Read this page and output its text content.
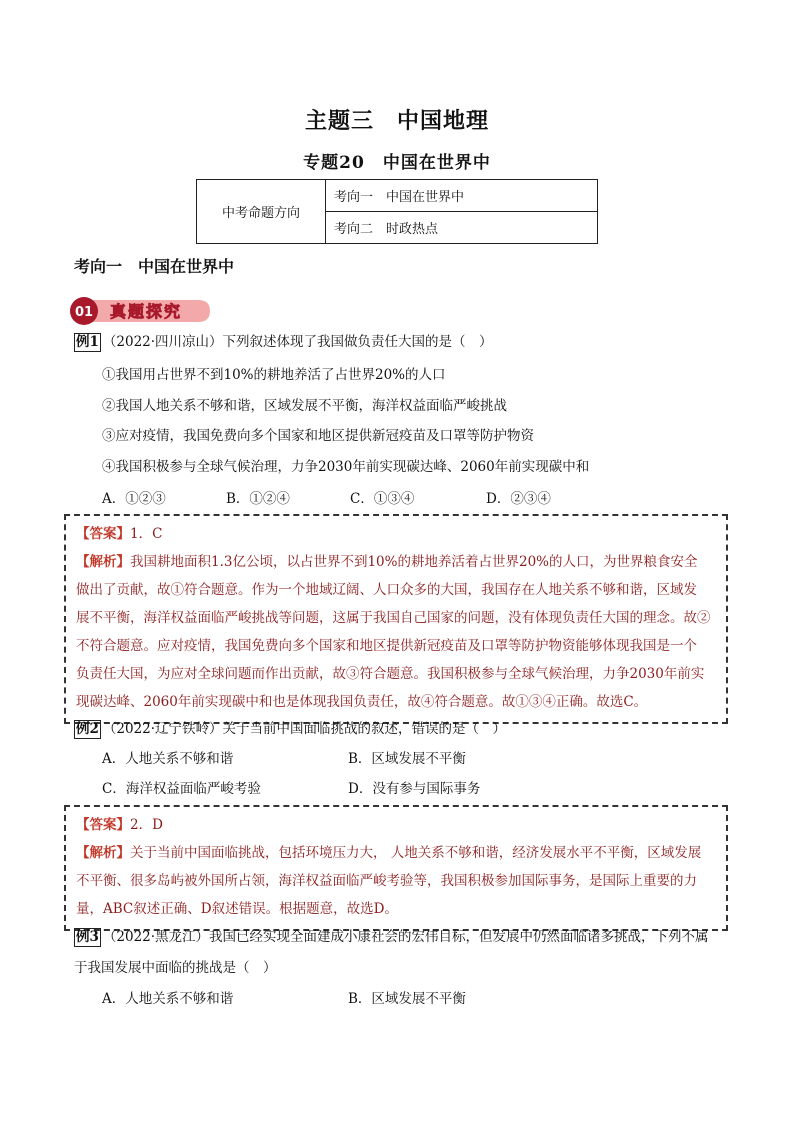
主题三　中国地理
专题20　中国在世界中
中考命题方向	考向一　中国在世界中
考向二　时政热点
考向一　中国在世界中
01 真题探究
例1 （2022·四川凉山）下列叙述体现了我国做负责任大国的是（　）
①我国用占世界不到10%的耕地养活了占世界20%的人口
②我国人地关系不够和谐，区域发展不平衡，海洋权益面临严峻挑战
③应对疫情，我国免费向多个国家和地区提供新冠疫苗及口罩等防护物资
④我国积极参与全球气候治理，力争2030年前实现碳达峰、2060年前实现碳中和
A．①②③	B．①②④	C．①③④	D．②③④

【答案】1．C

【解析】我国耕地面积1.3亿公顷，以占世界不到10%的耕地养活着占世界20%的人口，为世界粮食安全

做出了贡献，故①符合题意。作为一个地域辽阔、人口众多的大国，我国存在人地关系不够和谐，区域发

展不平衡，海洋权益面临严峻挑战等问题，这属于我国自己国家的问题，没有体现负责任大国的理念。故②

不符合题意。应对疫情，我国免费向多个国家和地区提供新冠疫苗及口罩等防护物资能够体现我国是一个

负责任大国，为应对全球问题而作出贡献，故③符合题意。我国积极参与全球气候治理，力争2030年前实

现碳达峰、2060年前实现碳中和也是体现我国负责任，故④符合题意。故①③④正确。故选C。

例2 （2022·辽宁铁岭）关于当前中国面临挑战的叙述，错误的是（　）
A．人地关系不够和谐	B．区域发展不平衡
C．海洋权益面临严峻考验	D．没有参与国际事务

【答案】2．D

【解析】关于当前中国面临挑战，包括环境压力大， 人地关系不够和谐，经济发展水平不平衡，区域发展

不平衡、很多岛屿被外国所占领，海洋权益面临严峻考验等，我国积极参加国际事务，是国际上重要的力

量，ABC叙述正确、D叙述错误。根据题意，故选D。

例3 （2022·黑龙江）我国已经实现全面建成小康社会的宏伟目标，但发展中仍然面临诸多挑战，下列不属
于我国发展中面临的挑战是（　）
A．人地关系不够和谐	B．区域发展不平衡
